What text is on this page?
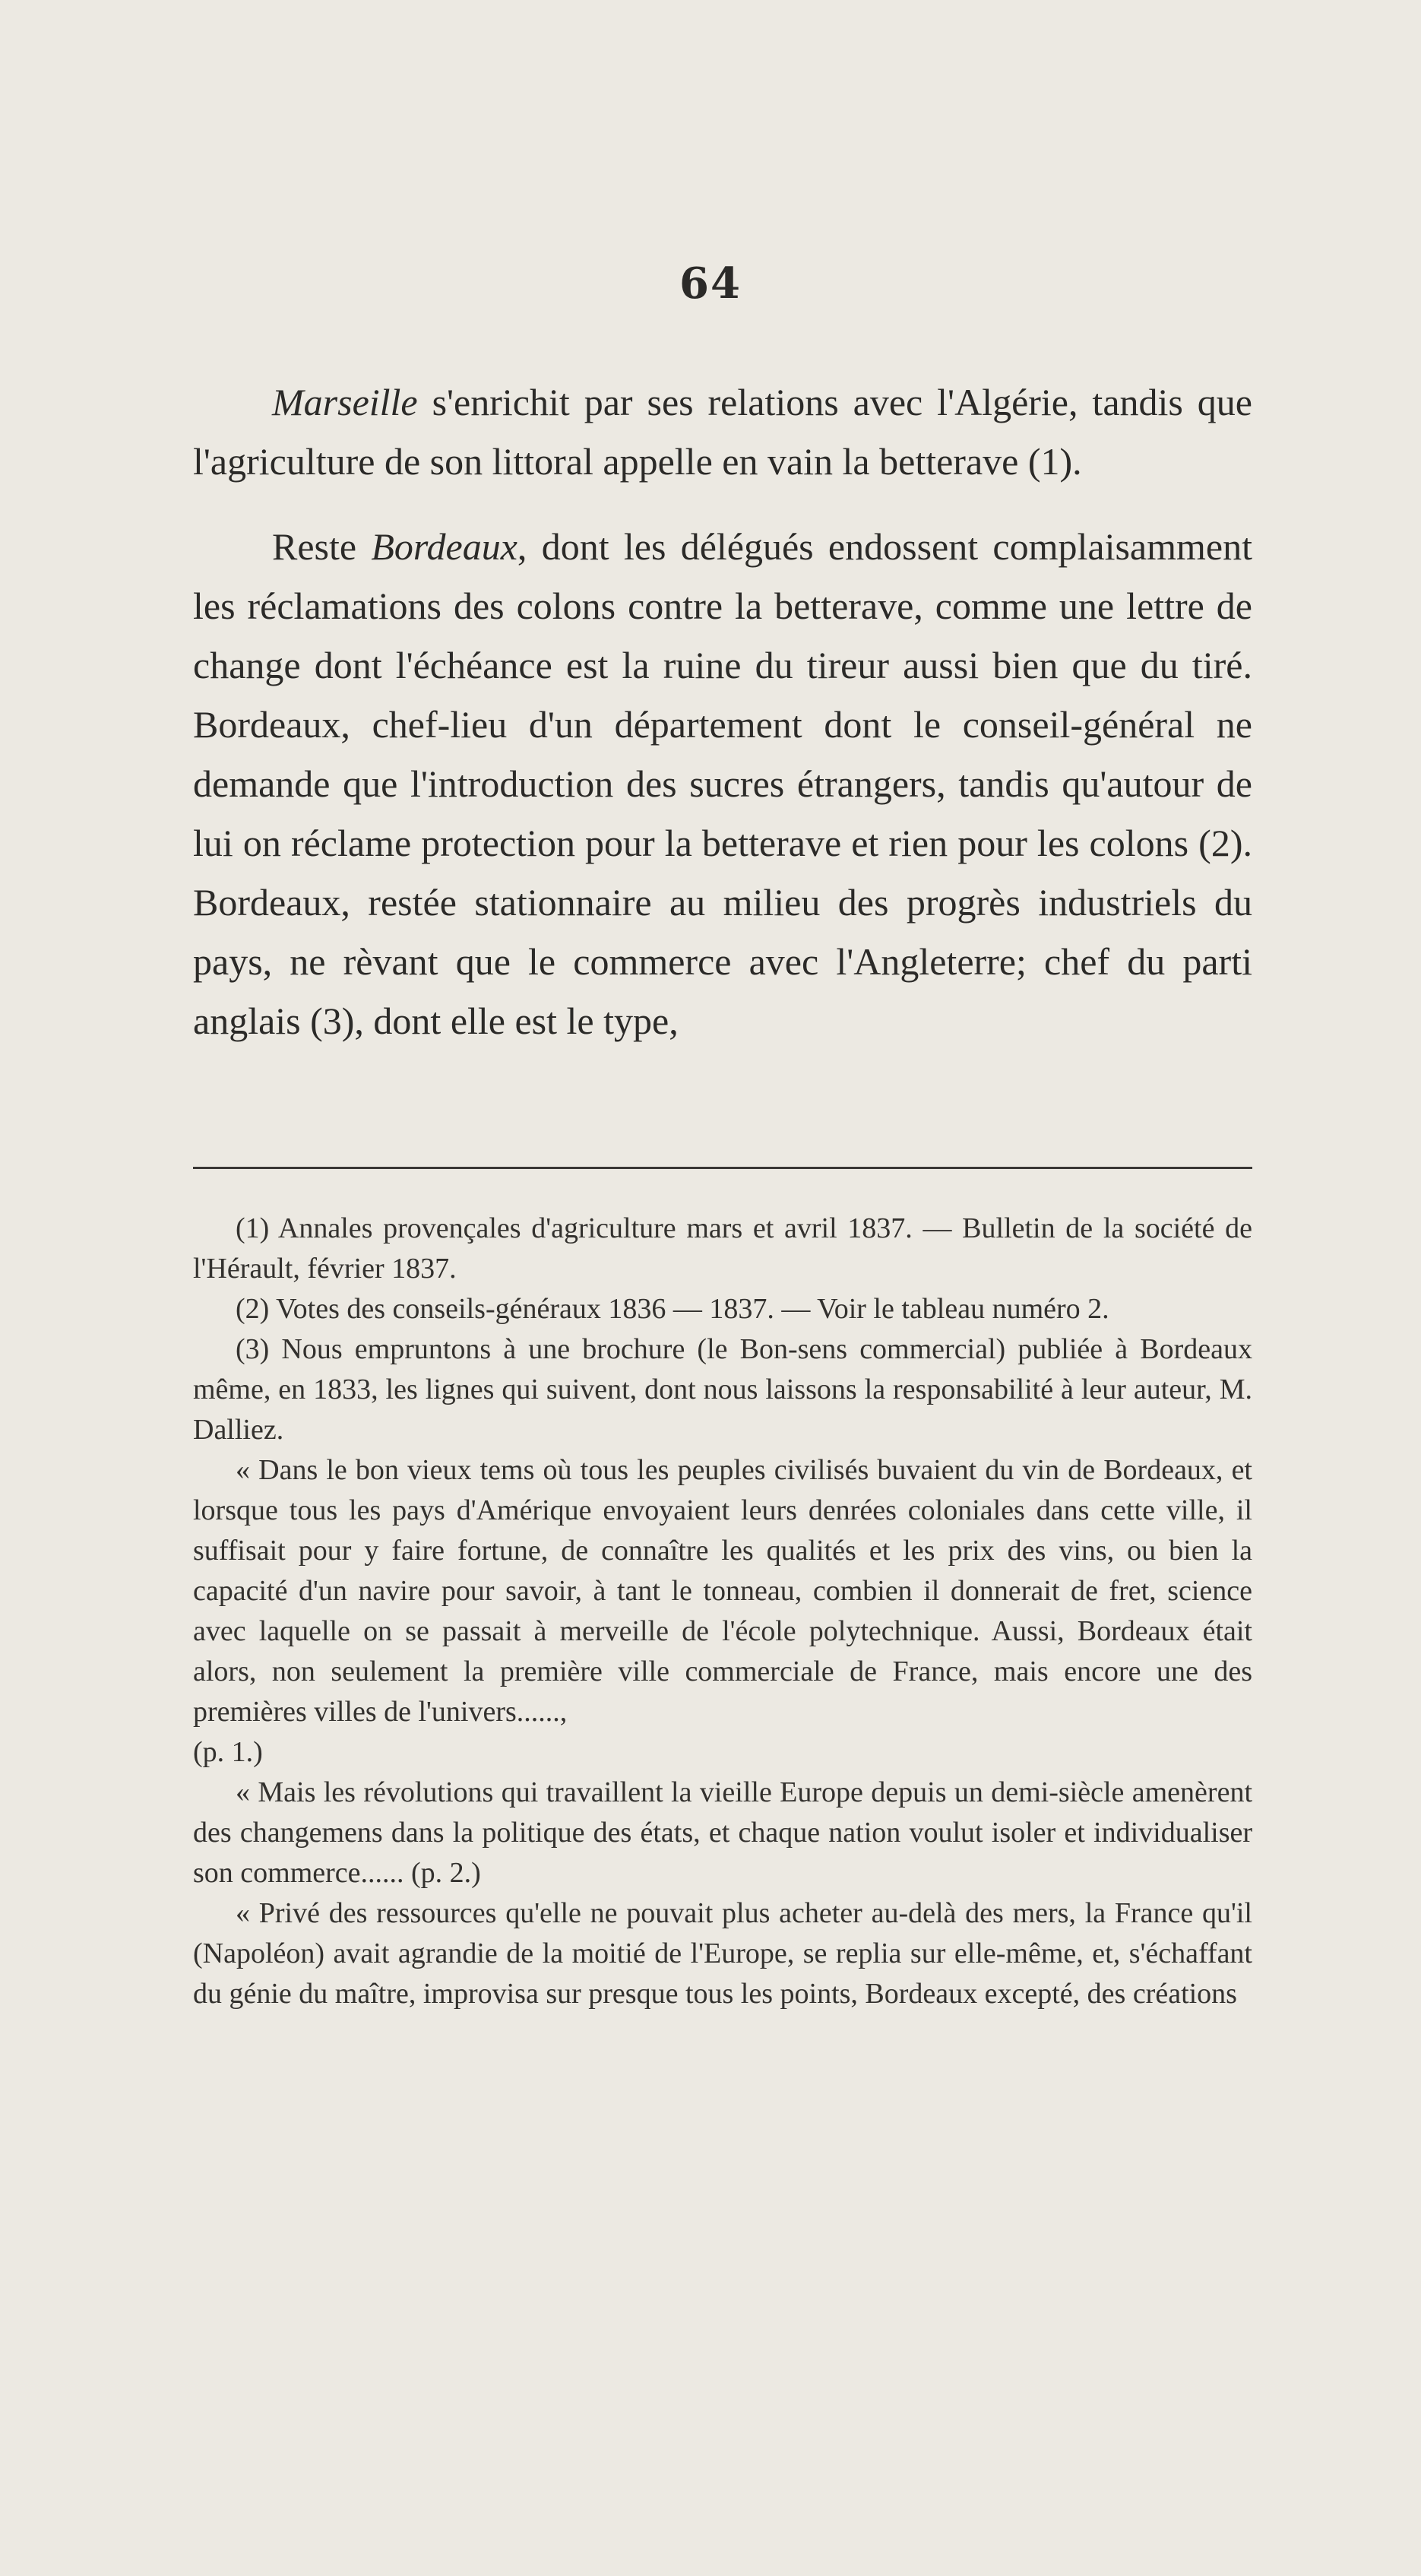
64

Marseille s'enrichit par ses relations avec l'Algérie, tandis que l'agriculture de son littoral appelle en vain la betterave (1).

Reste Bordeaux, dont les délégués endossent complaisamment les réclamations des colons contre la betterave, comme une lettre de change dont l'échéance est la ruine du tireur aussi bien que du tiré. Bordeaux, chef-lieu d'un département dont le conseil-général ne demande que l'introduction des sucres étrangers, tandis qu'autour de lui on réclame protection pour la betterave et rien pour les colons (2). Bordeaux, restée stationnaire au milieu des progrès industriels du pays, ne rèvant que le commerce avec l'Angleterre; chef du parti anglais (3), dont elle est le type,

(1) Annales provençales d'agriculture mars et avril 1837. — Bulletin de la société de l'Hérault, février 1837.

(2) Votes des conseils-généraux 1836 — 1837. — Voir le tableau numéro 2.

(3) Nous empruntons à une brochure (le Bon-sens commercial) publiée à Bordeaux même, en 1833, les lignes qui suivent, dont nous laissons la responsabilité à leur auteur, M. Dalliez.

« Dans le bon vieux tems où tous les peuples civilisés buvaient du vin de Bordeaux, et lorsque tous les pays d'Amérique envoyaient leurs denrées coloniales dans cette ville, il suffisait pour y faire fortune, de connaître les qualités et les prix des vins, ou bien la capacité d'un navire pour savoir, à tant le tonneau, combien il donnerait de fret, science avec laquelle on se passait à merveille de l'école polytechnique. Aussi, Bordeaux était alors, non seulement la première ville commerciale de France, mais encore une des premières villes de l'univers......,

(p. 1.)

« Mais les révolutions qui travaillent la vieille Europe depuis un demi-siècle amenèrent des changemens dans la politique des états, et chaque nation voulut isoler et individualiser son commerce...... (p. 2.)

« Privé des ressources qu'elle ne pouvait plus acheter au-delà des mers, la France qu'il (Napoléon) avait agrandie de la moitié de l'Europe, se replia sur elle-même, et, s'échaffant du génie du maître, improvisa sur presque tous les points, Bordeaux excepté, des créations
